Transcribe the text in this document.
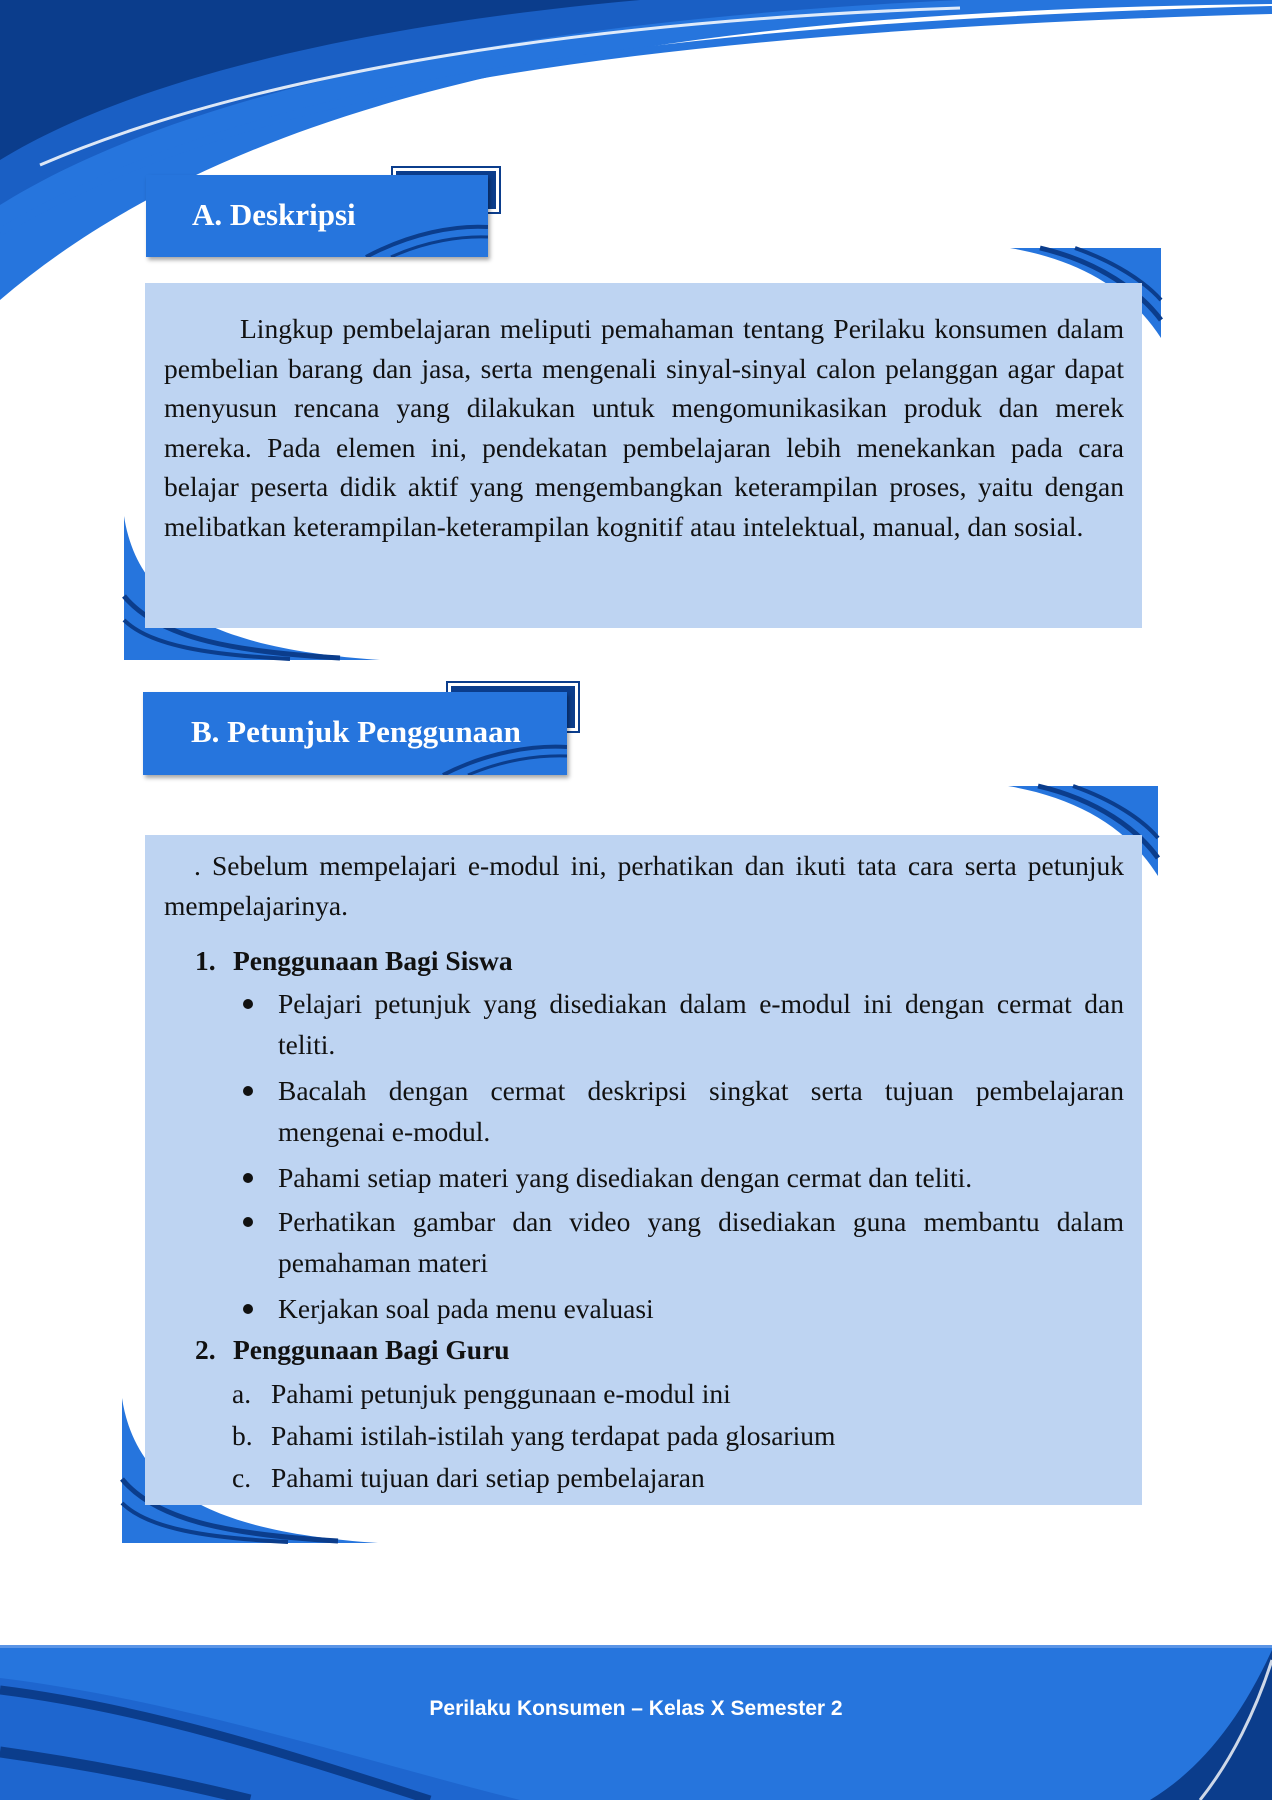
A. Deskripsi
Lingkup pembelajaran meliputi pemahaman tentang Perilaku konsumen dalam pembelian barang dan jasa, serta mengenali sinyal-sinyal calon pelanggan agar dapat menyusun rencana yang dilakukan untuk mengomunikasikan produk dan merek mereka. Pada elemen ini, pendekatan pembelajaran lebih menekankan pada cara belajar peserta didik aktif yang mengembangkan keterampilan proses, yaitu dengan melibatkan keterampilan-keterampilan kognitif atau intelektual, manual, dan sosial.
B. Petunjuk Penggunaan
. Sebelum mempelajari e-modul ini, perhatikan dan ikuti tata cara serta petunjuk mempelajarinya.
1. Penggunaan Bagi Siswa
Pelajari petunjuk yang disediakan dalam e-modul ini dengan cermat dan teliti.
Bacalah dengan cermat deskripsi singkat serta tujuan pembelajaran mengenai e-modul.
Pahami setiap materi yang disediakan dengan cermat dan teliti.
Perhatikan gambar dan video yang disediakan guna membantu dalam pemahaman materi
Kerjakan soal pada menu evaluasi
2. Penggunaan Bagi Guru
a. Pahami petunjuk penggunaan e-modul ini
b. Pahami istilah-istilah yang terdapat pada glosarium
c. Pahami tujuan dari setiap pembelajaran
Perilaku Konsumen – Kelas X Semester 2
